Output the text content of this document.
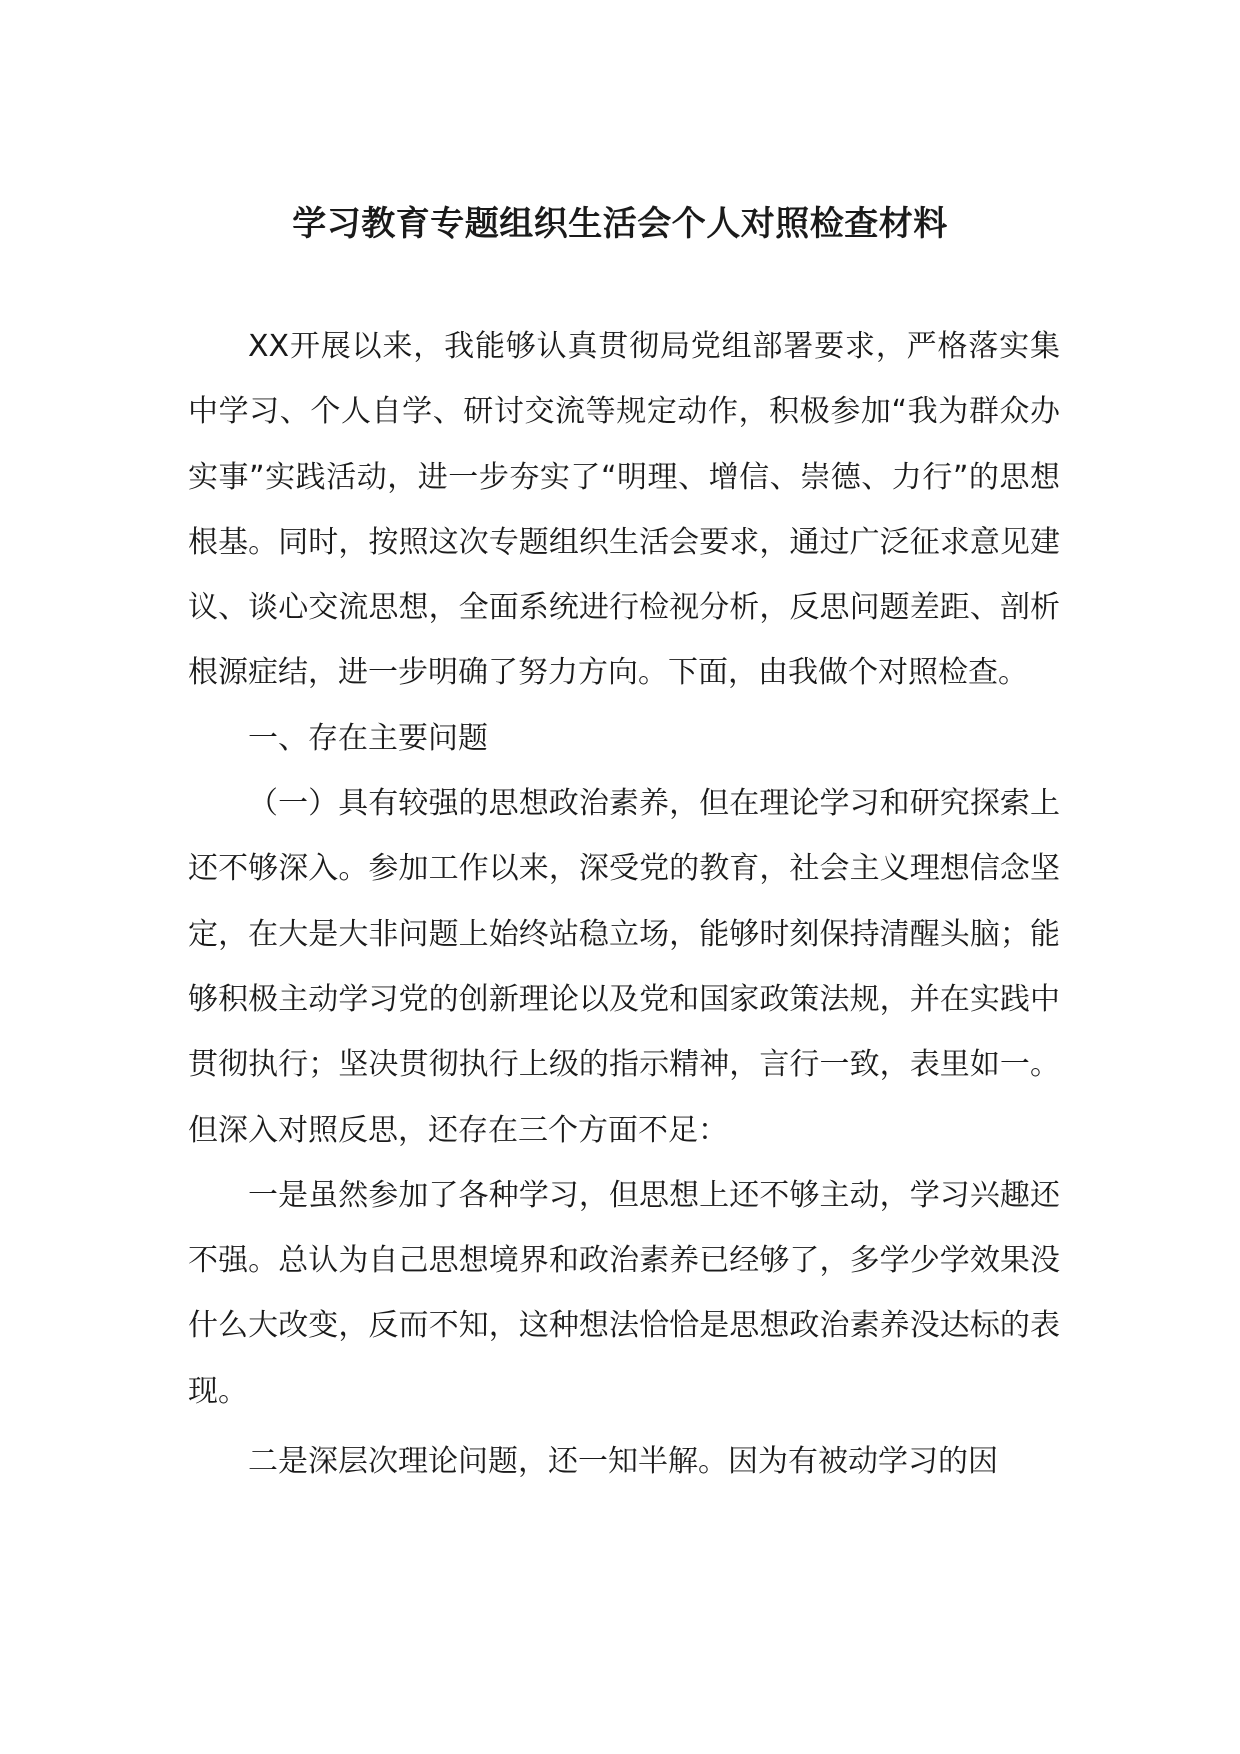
学习教育专题组织生活会个人对照检查材料

XX开展以来，我能够认真贯彻局党组部署要求，严格落实集中学习、个人自学、研讨交流等规定动作，积极参加“我为群众办实事”实践活动，进一步夯实了“明理、增信、崇德、力行”的思想根基。同时，按照这次专题组织生活会要求，通过广泛征求意见建议、谈心交流思想，全面系统进行检视分析，反思问题差距、剖析根源症结，进一步明确了努力方向。下面，由我做个对照检查。

一、存在主要问题

（一）具有较强的思想政治素养，但在理论学习和研究探索上还不够深入。参加工作以来，深受党的教育，社会主义理想信念坚定，在大是大非问题上始终站稳立场，能够时刻保持清醒头脑；能够积极主动学习党的创新理论以及党和国家政策法规，并在实践中贯彻执行；坚决贯彻执行上级的指示精神，言行一致，表里如一。但深入对照反思，还存在三个方面不足：

一是虽然参加了各种学习，但思想上还不够主动，学习兴趣还不强。总认为自己思想境界和政治素养已经够了，多学少学效果没什么大改变，反而不知，这种想法恰恰是思想政治素养没达标的表现。

二是深层次理论问题，还一知半解。因为有被动学习的因
